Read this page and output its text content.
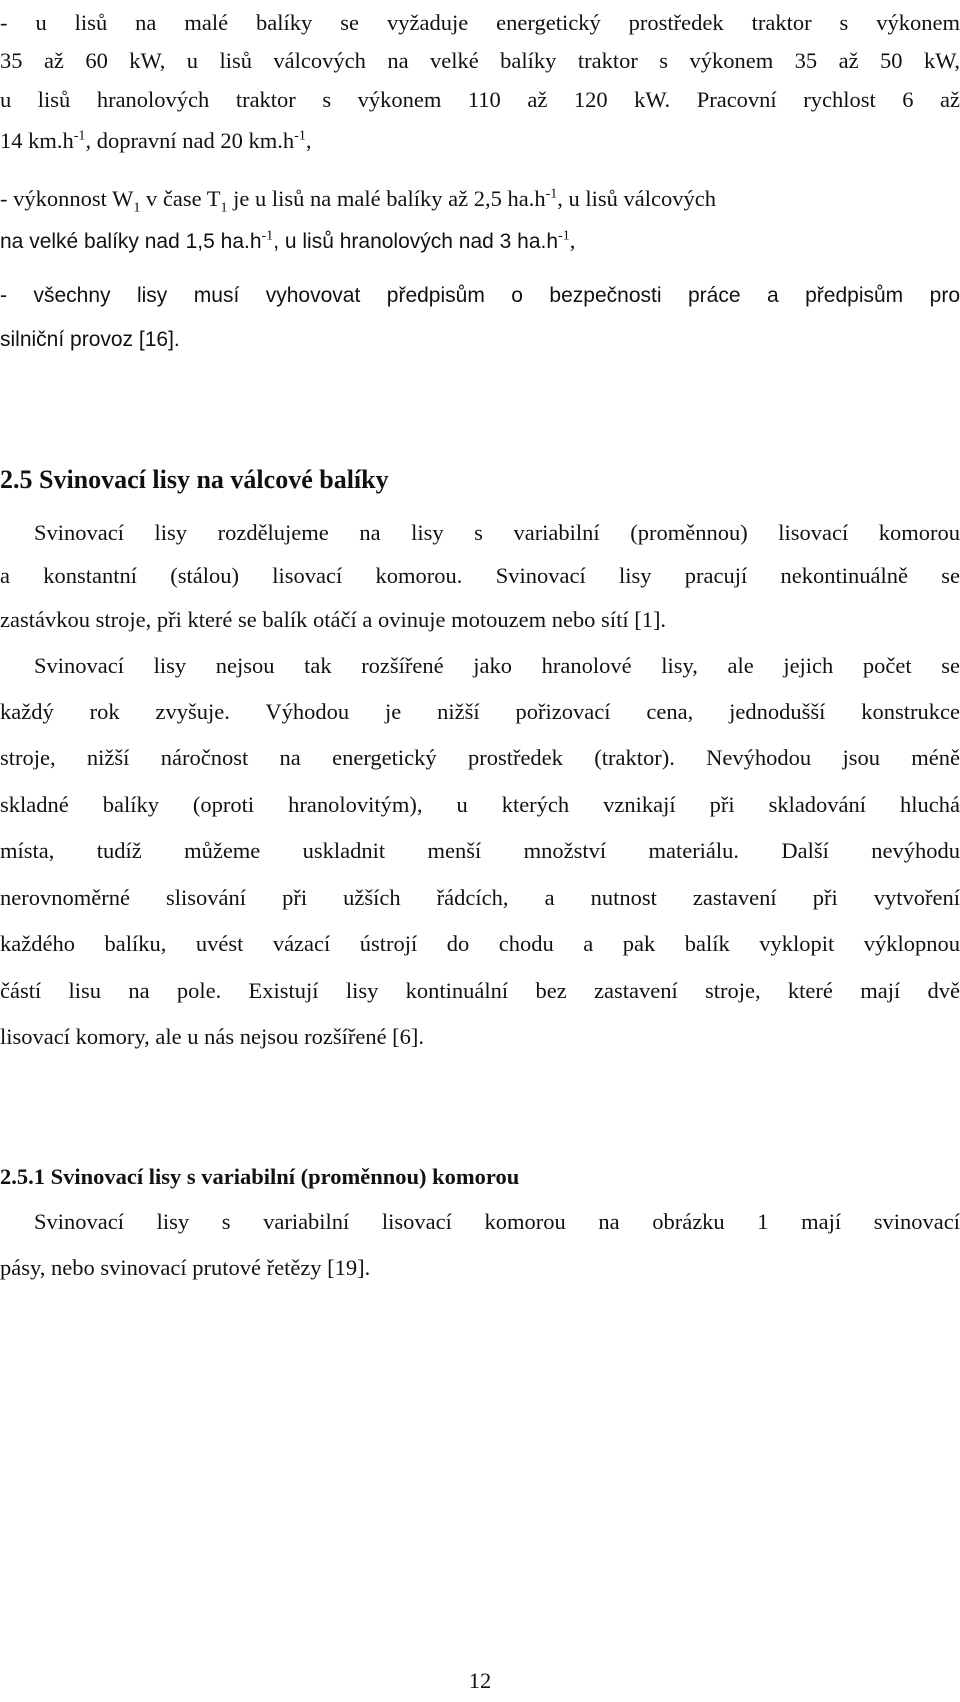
- u lisů na malé balíky se vyžaduje energetický prostředek traktor s výkonem
35 až 60 kW, u lisů válcových na velké balíky traktor s výkonem 35 až 50 kW,
u lisů hranolových traktor s výkonem 110 až 120 kW. Pracovní rychlost 6 až
14 $km.h^{-1}$, dopravní nad 20 $km.h^{-1}$,
- výkonnost $W_1$ v čase $T_1$ je u lisů na malé balíky až 2,5 $ha.h^{-1}$, u lisů válcových
na velké balíky nad 1,5 $ha.h^{-1}$, u lisů hranolových nad 3 $ha.h^{-1}$,
- všechny lisy musí vyhovovat předpisům o bezpečnosti práce a předpisům pro
silniční provoz [16].
2.5 Svinovací lisy na válcové balíky
Svinovací lisy rozdělujeme na lisy s variabilní (proměnnou) lisovací komorou
a konstantní (stálou) lisovací komorou. Svinovací lisy pracují nekontinuálně se
zastávkou stroje, při které se balík otáčí a ovinuje motouzem nebo sítí [1].
Svinovací lisy nejsou tak rozšířené jako hranolové lisy, ale jejich počet se
každý rok zvyšuje. Výhodou je nižší pořizovací cena, jednodušší konstrukce
stroje, nižší náročnost na energetický prostředek (traktor). Nevýhodou jsou méně
skladné balíky (oproti hranolovitým), u kterých vznikají při skladování hluchá
místa, tudíž můžeme uskladnit menší množství materiálu. Další nevýhodu
nerovnoměrné slisování při užších řádcích, a nutnost zastavení při vytvoření
každého balíku, uvést vázací ústrojí do chodu a pak balík vyklopit výklopnou
částí lisu na pole. Existují lisy kontinuální bez zastavení stroje, které mají dvě
lisovací komory, ale u nás nejsou rozšířené [6].
2.5.1 Svinovací lisy s variabilní (proměnnou) komorou
Svinovací lisy s variabilní lisovací komorou na obrázku 1 mají svinovací
pásy, nebo svinovací prutové řetězy [19].
12
